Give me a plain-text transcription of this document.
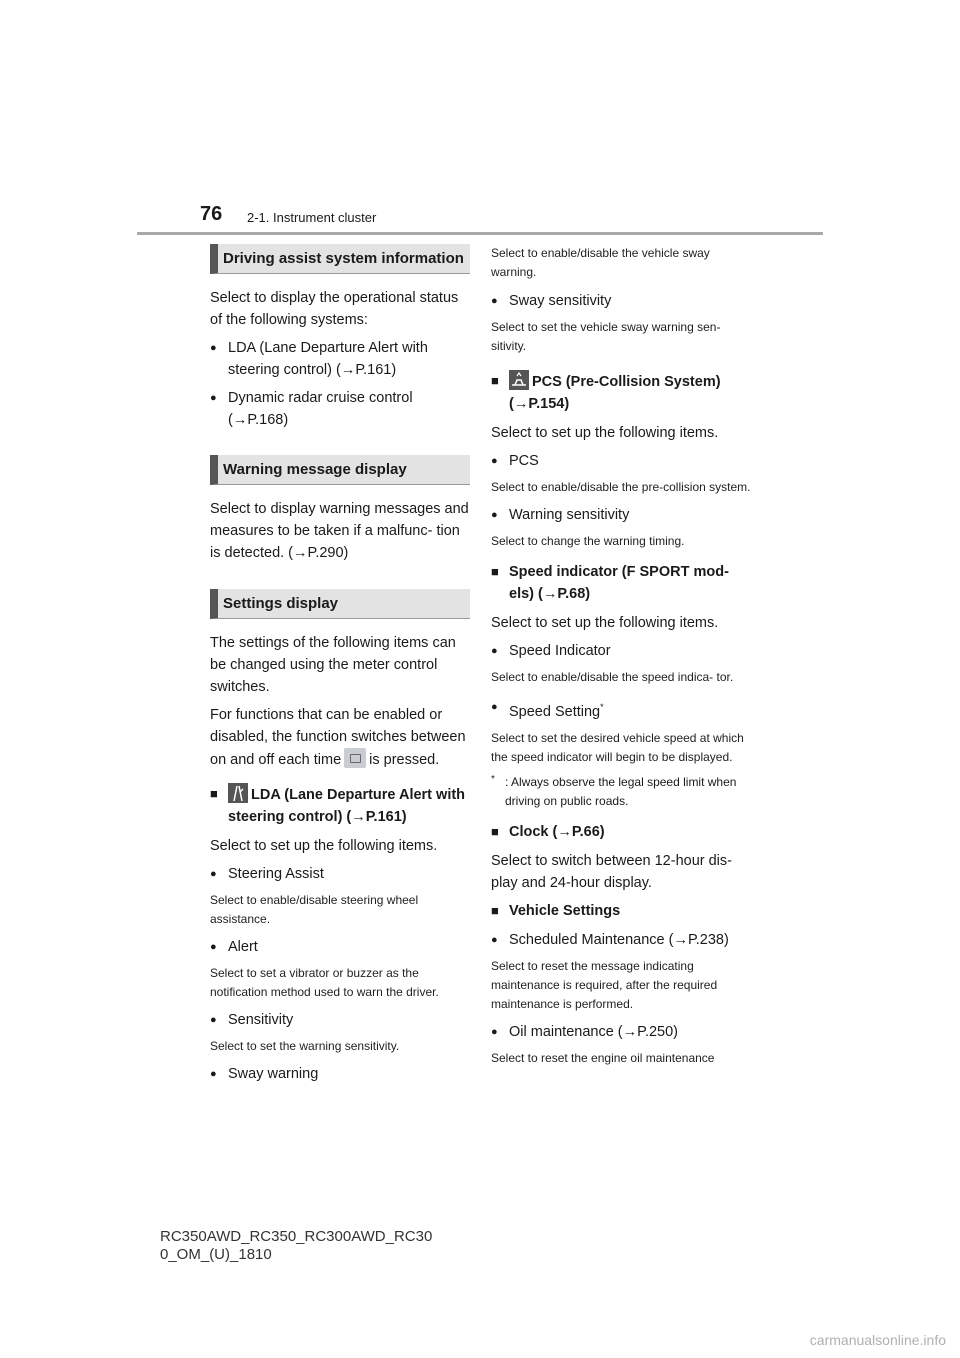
76 2-1. Instrument cluster
Driving assist system information

Select to display the operational status of the following systems:

● LDA (Lane Departure Alert with steering control) (→P.161)

● Dynamic radar cruise control (→P.168)

Warning message display

Select to display warning messages and measures to be taken if a malfunc- tion is detected. (→P.290)

Settings display

The settings of the following items can be changed using the meter control switches.

For functions that can be enabled or disabled, the function switches between on and off each time is pressed.

■ LDA (Lane Departure Alert with steering control) (→P.161)

Select to set up the following items.

● Steering Assist

Select to enable/disable steering wheel assistance.

● Alert

Select to set a vibrator or buzzer as the notification method used to warn the driver.

● Sensitivity

Select to set the warning sensitivity.

● Sway warning

Select to enable/disable the vehicle sway warning.

● Sway sensitivity

Select to set the vehicle sway warning sen- sitivity.

■ PCS (Pre-Collision System) (→P.154)

Select to set up the following items.

● PCS

Select to enable/disable the pre-collision system.

● Warning sensitivity

Select to change the warning timing.

■ Speed indicator (F SPORT mod- els) (→P.68)

Select to set up the following items.

● Speed Indicator

Select to enable/disable the speed indica- tor.

● Speed Setting*

Select to set the desired vehicle speed at which the speed indicator will begin to be displayed.

* : Always observe the legal speed limit when driving on public roads.

■ Clock (→P.66)

Select to switch between 12-hour dis- play and 24-hour display.

■ Vehicle Settings

● Scheduled Maintenance (→P.238)

Select to reset the message indicating maintenance is required, after the required maintenance is performed.

● Oil maintenance (→P.250)

Select to reset the engine oil maintenance

RC350AWD_RC350_RC300AWD_RC30
0_OM_(U)_1810
carmanualsonline.info
